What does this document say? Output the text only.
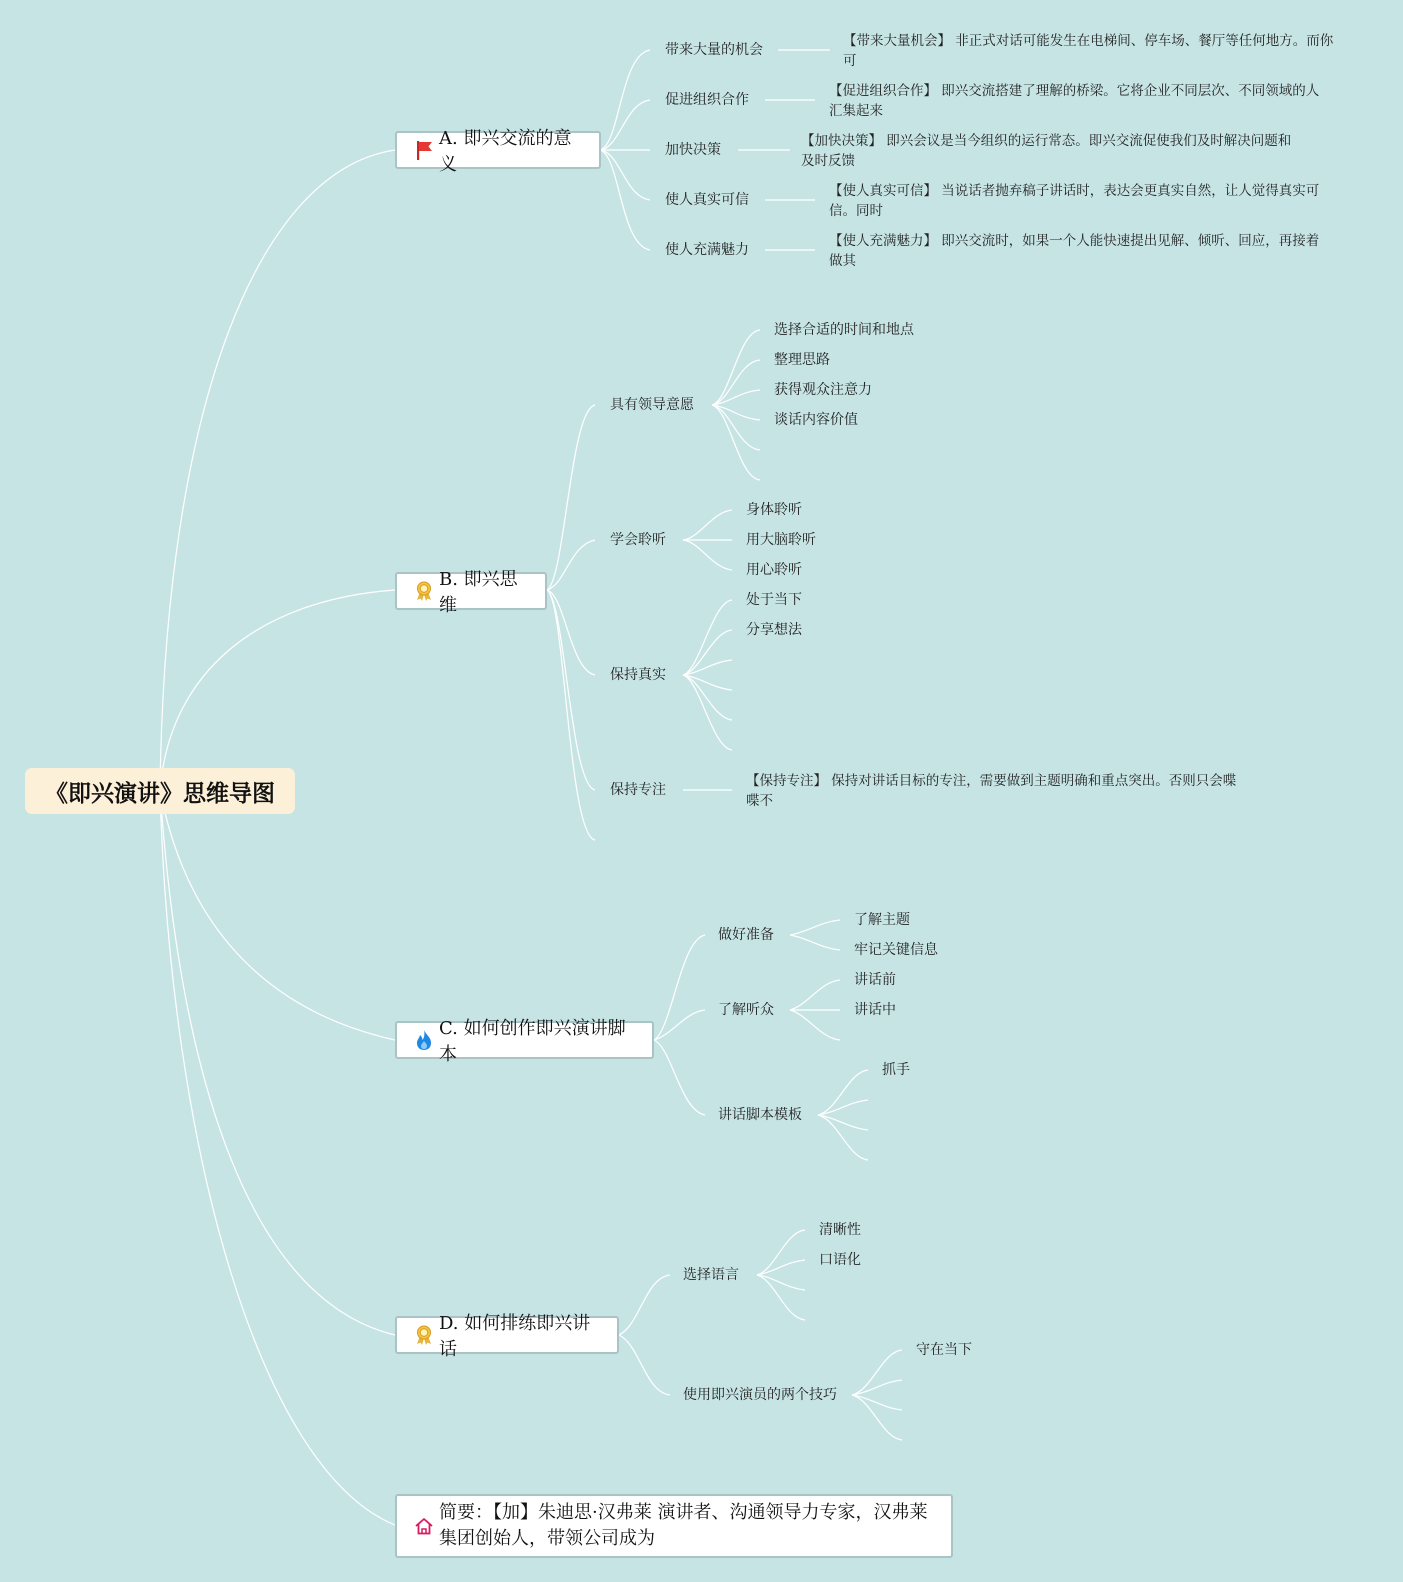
《即兴演讲》思维导图
A. 即兴交流的意义
B. 即兴思维
C. 如何创作即兴演讲脚本
D. 如何排练即兴讲话
简要：【加】朱迪思·汉弗莱 演讲者、沟通领导力专家，汉弗莱集团创始人，带领公司成为
带来大量的机会
【带来大量机会】 非正式对话可能发生在电梯间、停车场、餐厅等任何地方。而你可
促进组织合作
【促进组织合作】 即兴交流搭建了理解的桥梁。它将企业不同层次、不同领域的人汇集起来
加快决策
【加快决策】 即兴会议是当今组织的运行常态。即兴交流促使我们及时解决问题和及时反馈
使人真实可信
【使人真实可信】 当说话者抛弃稿子讲话时，表达会更真实自然，让人觉得真实可信。同时
使人充满魅力
【使人充满魅力】 即兴交流时，如果一个人能快速提出见解、倾听、回应，再接着做其
具有领导意愿
选择合适的时间和地点
整理思路
获得观众注意力
谈话内容价值
学会聆听
身体聆听
用大脑聆听
用心聆听
保持真实
处于当下
分享想法
保持专注
【保持专注】 保持对讲话目标的专注，需要做到主题明确和重点突出。否则只会喋喋不
做好准备
了解主题
牢记关键信息
了解听众
讲话前
讲话中
讲话脚本模板
抓手
选择语言
清晰性
口语化
使用即兴演员的两个技巧
守在当下
